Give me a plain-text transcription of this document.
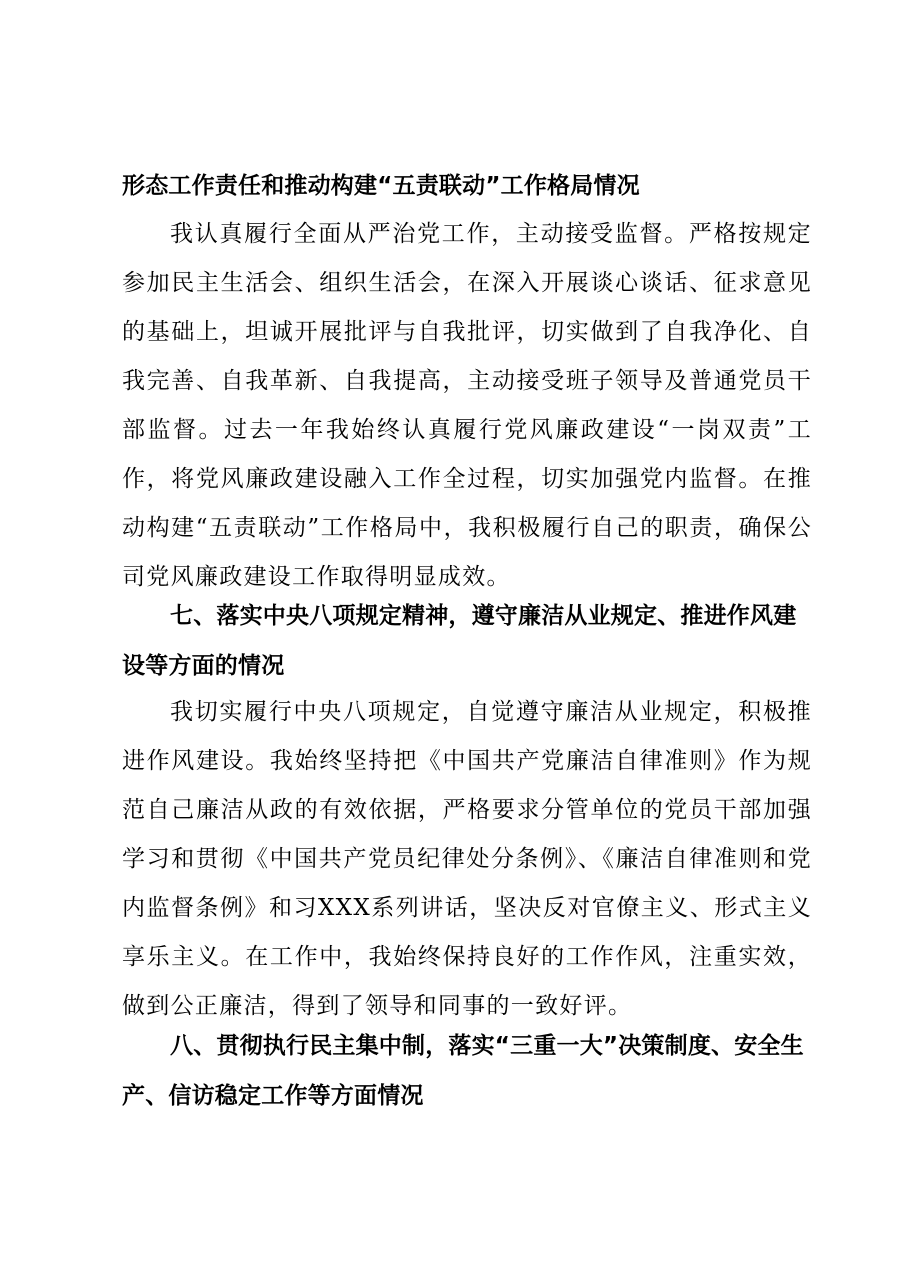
形态工作责任和推动构建“五责联动”工作格局情况

我认真履行全面从严治党工作，主动接受监督。严格按规定参加民主生活会、组织生活会，在深入开展谈心谈话、征求意见的基础上，坦诚开展批评与自我批评，切实做到了自我净化、自我完善、自我革新、自我提高，主动接受班子领导及普通党员干部监督。过去一年我始终认真履行党风廉政建设“一岗双责”工作，将党风廉政建设融入工作全过程，切实加强党内监督。在推动构建“五责联动”工作格局中，我积极履行自己的职责，确保公司党风廉政建设工作取得明显成效。

七、落实中央八项规定精神，遵守廉洁从业规定、推进作风建设等方面的情况

我切实履行中央八项规定，自觉遵守廉洁从业规定，积极推进作风建设。我始终坚持把《中国共产党廉洁自律准则》作为规范自己廉洁从政的有效依据，严格要求分管单位的党员干部加强学习和贯彻《中国共产党员纪律处分条例》、《廉洁自律准则和党内监督条例》和习XXX系列讲话，坚决反对官僚主义、形式主义享乐主义。在工作中，我始终保持良好的工作作风，注重实效，做到公正廉洁，得到了领导和同事的一致好评。

八、贯彻执行民主集中制，落实“三重一大”决策制度、安全生产、信访稳定工作等方面情况
